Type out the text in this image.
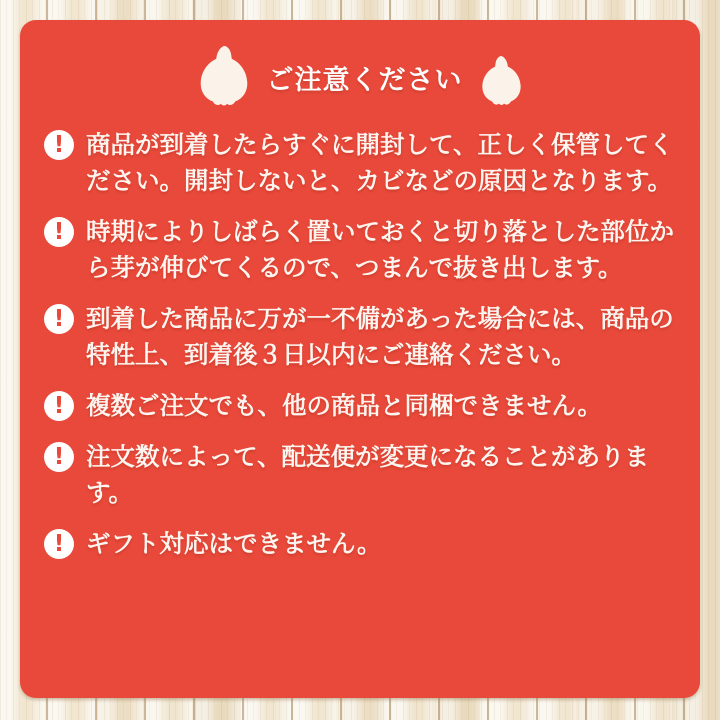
ご注意ください
! 商品が到着したらすぐに開封して、正しく保管してください。開封しないと、カビなどの原因となります。
! 時期によりしばらく置いておくと切り落とした部位から芽が伸びてくるので、つまんで抜き出します。
! 到着した商品に万が一不備があった場合には、商品の特性上、到着後３日以内にご連絡ください。
! 複数ご注文でも、他の商品と同梱できません。
! 注文数によって、配送便が変更になることがあります。
! ギフト対応はできません。
